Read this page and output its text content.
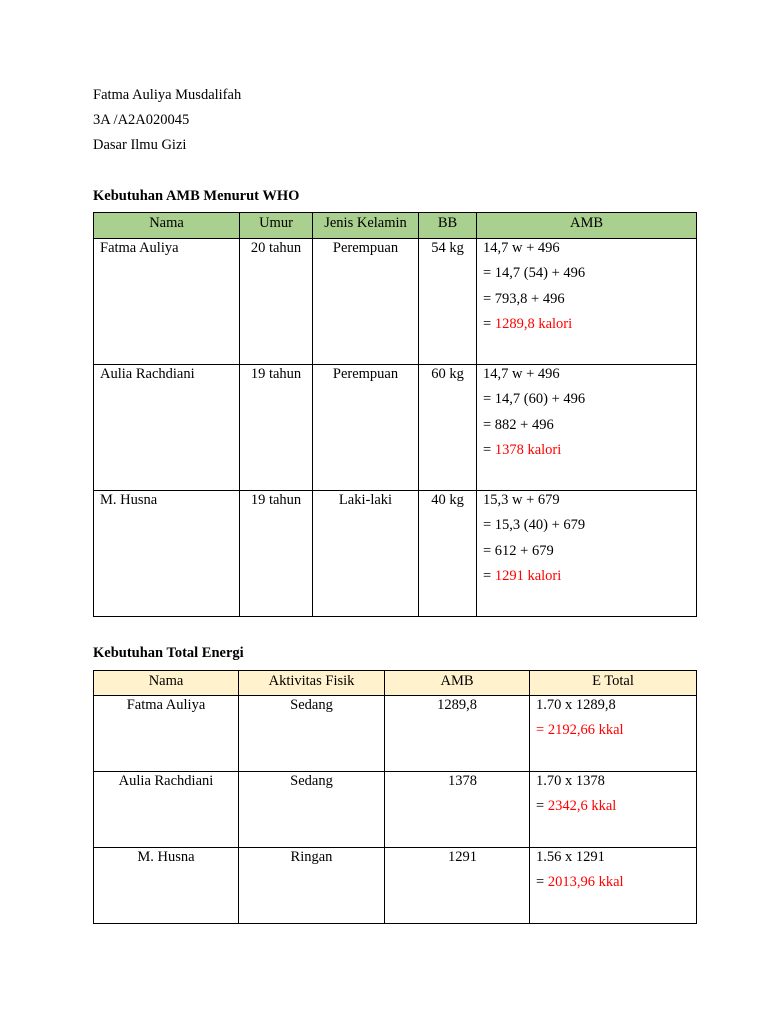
Fatma Auliya Musdalifah
3A /A2A020045
Dasar Ilmu Gizi
Kebutuhan AMB Menurut WHO
Nama	Umur	Jenis Kelamin	BB	AMB

Fatma Auliya	20 tahun	Perempuan	54 kg	14,7 w + 496
= 14,7 (54) + 496
= 793,8 + 496
= 1289,8 kalori

Aulia Rachdiani	19 tahun	Perempuan	60 kg	14,7 w + 496
= 14,7 (60) + 496
= 882 + 496
= 1378 kalori

M. Husna	19 tahun	Laki-laki	40 kg	15,3 w + 679
= 15,3 (40) + 679
= 612 + 679
= 1291 kalori
Kebutuhan Total Energi
Nama	Aktivitas Fisik	AMB	E Total

Fatma Auliya	Sedang	1289,8	1.70 x 1289,8
= 2192,66 kkal

Aulia Rachdiani	Sedang	1378	1.70 x 1378
= 2342,6 kkal

M. Husna	Ringan	1291	1.56 x 1291
= 2013,96 kkal
